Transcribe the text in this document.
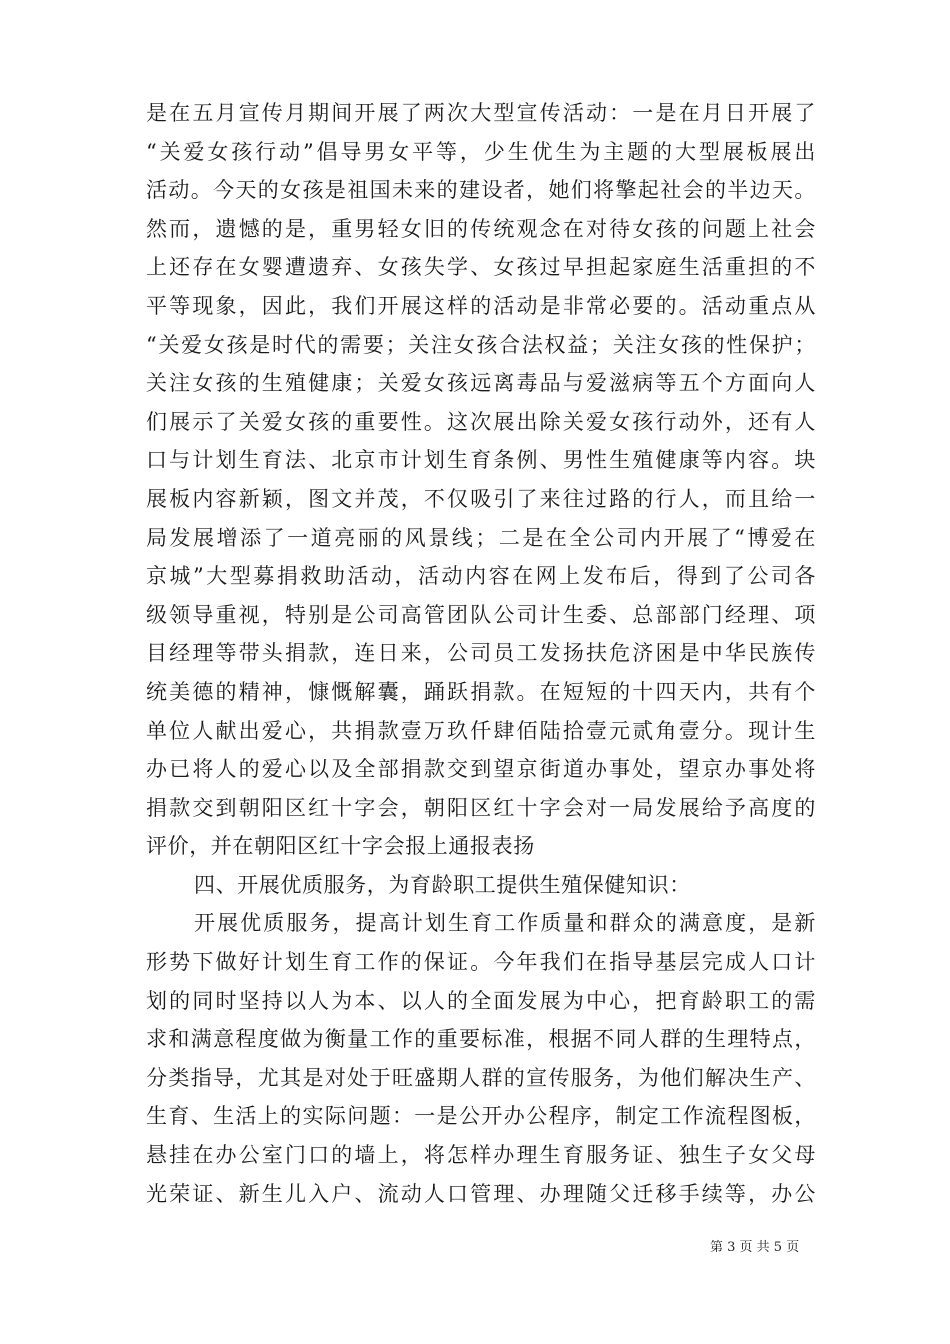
是在五月宣传月期间开展了两次大型宣传活动：一是在月日开展了
“关爱女孩行动”倡导男女平等，少生优生为主题的大型展板展出
活动。今天的女孩是祖国未来的建设者，她们将擎起社会的半边天。
然而，遗憾的是，重男轻女旧的传统观念在对待女孩的问题上社会
上还存在女婴遭遗弃、女孩失学、女孩过早担起家庭生活重担的不
平等现象，因此，我们开展这样的活动是非常必要的。活动重点从
“关爱女孩是时代的需要；关注女孩合法权益；关注女孩的性保护；
关注女孩的生殖健康；关爱女孩远离毒品与爱滋病等五个方面向人
们展示了关爱女孩的重要性。这次展出除关爱女孩行动外，还有人
口与计划生育法、北京市计划生育条例、男性生殖健康等内容。块
展板内容新颖，图文并茂，不仅吸引了来往过路的行人，而且给一
局发展增添了一道亮丽的风景线；二是在全公司内开展了“博爱在
京城”大型募捐救助活动，活动内容在网上发布后，得到了公司各
级领导重视，特别是公司高管团队公司计生委、总部部门经理、项
目经理等带头捐款，连日来，公司员工发扬扶危济困是中华民族传
统美德的精神，慷慨解囊，踊跃捐款。在短短的十四天内，共有个
单位人献出爱心，共捐款壹万玖仟肆佰陆拾壹元贰角壹分。现计生
办已将人的爱心以及全部捐款交到望京街道办事处，望京办事处将
捐款交到朝阳区红十字会，朝阳区红十字会对一局发展给予高度的
评价，并在朝阳区红十字会报上通报表扬
四、开展优质服务，为育龄职工提供生殖保健知识：
开展优质服务，提高计划生育工作质量和群众的满意度，是新
形势下做好计划生育工作的保证。今年我们在指导基层完成人口计
划的同时坚持以人为本、以人的全面发展为中心，把育龄职工的需
求和满意程度做为衡量工作的重要标准，根据不同人群的生理特点，
分类指导，尤其是对处于旺盛期人群的宣传服务，为他们解决生产、
生育、生活上的实际问题：一是公开办公程序，制定工作流程图板，
悬挂在办公室门口的墙上，将怎样办理生育服务证、独生子女父母
光荣证、新生儿入户、流动人口管理、办理随父迁移手续等，办公
第 3 页 共 5 页
